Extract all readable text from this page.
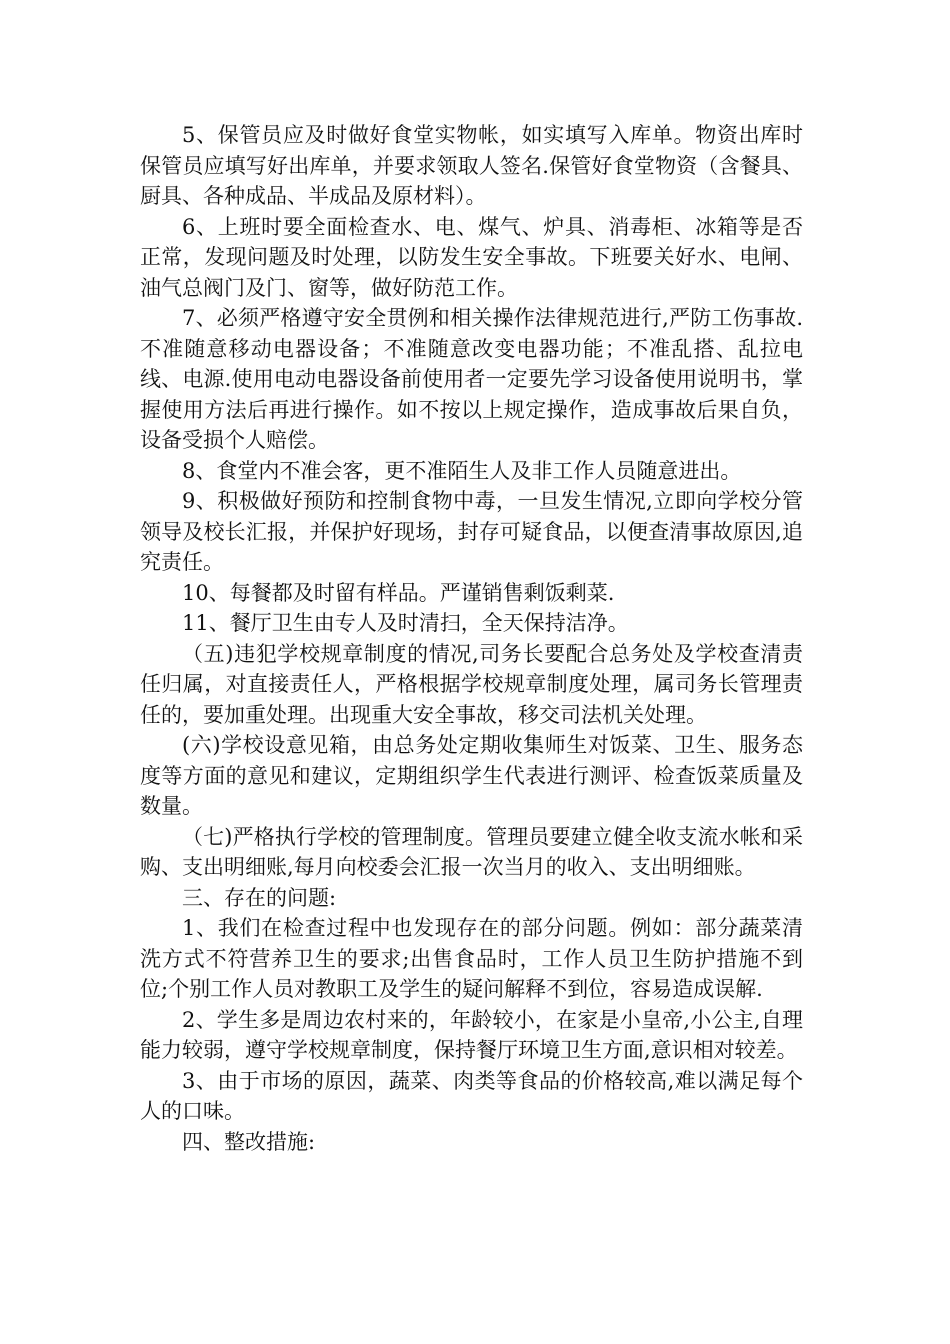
5、保管员应及时做好食堂实物帐，如实填写入库单。物资出库时保管员应填写好出库单，并要求领取人签名.保管好食堂物资（含餐具、厨具、各种成品、半成品及原材料）。

6、上班时要全面检查水、电、煤气、炉具、消毒柜、冰箱等是否正常，发现问题及时处理，以防发生安全事故。下班要关好水、电闸、油气总阀门及门、窗等，做好防范工作。

7、必须严格遵守安全贯例和相关操作法律规范进行,严防工伤事故.不准随意移动电器设备；不准随意改变电器功能；不准乱搭、乱拉电线、电源.使用电动电器设备前使用者一定要先学习设备使用说明书，掌握使用方法后再进行操作。如不按以上规定操作，造成事故后果自负，设备受损个人赔偿。

8、食堂内不准会客，更不准陌生人及非工作人员随意进出。

9、积极做好预防和控制食物中毒，一旦发生情况,立即向学校分管领导及校长汇报，并保护好现场，封存可疑食品，以便查清事故原因,追究责任。

10、每餐都及时留有样品。严谨销售剩饭剩菜.

11、餐厅卫生由专人及时清扫，全天保持洁净。

（五)违犯学校规章制度的情况,司务长要配合总务处及学校查清责任归属，对直接责任人，严格根据学校规章制度处理，属司务长管理责任的，要加重处理。出现重大安全事故，移交司法机关处理。

(六)学校设意见箱，由总务处定期收集师生对饭菜、卫生、服务态度等方面的意见和建议，定期组织学生代表进行测评、检查饭菜质量及数量。

（七)严格执行学校的管理制度。管理员要建立健全收支流水帐和采购、支出明细账,每月向校委会汇报一次当月的收入、支出明细账。

三、存在的问题:

1、我们在检查过程中也发现存在的部分问题。例如：部分蔬菜清洗方式不符营养卫生的要求;出售食品时，工作人员卫生防护措施不到位;个别工作人员对教职工及学生的疑问解释不到位，容易造成误解.

2、学生多是周边农村来的，年龄较小，在家是小皇帝,小公主,自理能力较弱，遵守学校规章制度，保持餐厅环境卫生方面,意识相对较差。

3、由于市场的原因，蔬菜、肉类等食品的价格较高,难以满足每个人的口味。

四、整改措施:
